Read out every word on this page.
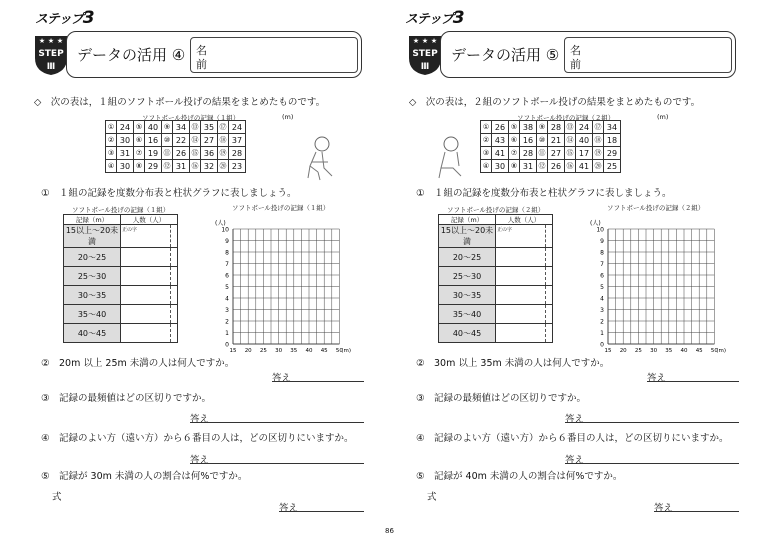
ステップ3
★ ★ ★
STEP
Ⅲ
データの活用 ④ 名
前
◇　次の表は，１組のソフトボール投げの結果をまとめたものです。
ソフトボール投げの記録（１組）	(m)
①	24	⑤	40	⑨	34	⑬	35	⑰	24
②	30	⑥	16	⑩	22	⑭	27	⑱	37
③	31	⑦	19	⑪	26	⑮	36	⑲	28
④	30	⑧	29	⑫	31	⑯	32	⑳	23
①　１組の記録を度数分布表と柱状グラフに表しましょう。
ソフトボール投げの記録（１組）
記録（m）	人数（人）
15以上～20未満	正の字

20～25	

25～30	

30～35	

35～40	

40～45	
ソフトボール投げの記録（１組）
0
1
2
3
4
5
6
7
8
9
10
15 20 25 30 35 40 45 50
(人)
(m)
②　20m 以上 25m 未満の人は何人ですか。
答え
③　記録の最頻値はどの区切りですか。
答え
④　記録のよい方（遠い方）から６番目の人は，どの区切りにいますか。
答え
⑤　記録が 30m 未満の人の割合は何%ですか。
式
答え
ステップ3
★ ★ ★
STEP
Ⅲ
データの活用 ⑤ 名
前
◇　次の表は，２組のソフトボール投げの結果をまとめたものです。
ソフトボール投げの記録（２組）	(m)
①	26	⑤	38	⑨	28	⑬	24	⑰	34
②	43	⑥	16	⑩	21	⑭	40	⑱	18
③	41	⑦	28	⑪	27	⑮	17	⑲	29
④	30	⑧	31	⑫	26	⑯	41	⑳	25
①　１組の記録を度数分布表と柱状グラフに表しましょう。
ソフトボール投げの記録（２組）
記録（m）	人数（人）
15以上～20未満	正の字

20～25	

25～30	

30～35	

35～40	

40～45	
ソフトボール投げの記録（２組）
0
1
2
3
4
5
6
7
8
9
10
15 20 25 30 35 40 45 50
(人)
(m)
②　30m 以上 35m 未満の人は何人ですか。
答え
③　記録の最頻値はどの区切りですか。
答え
④　記録のよい方（遠い方）から６番目の人は，どの区切りにいますか。
答え
⑤　記録が 40m 未満の人の割合は何%ですか。
式
答え
86
